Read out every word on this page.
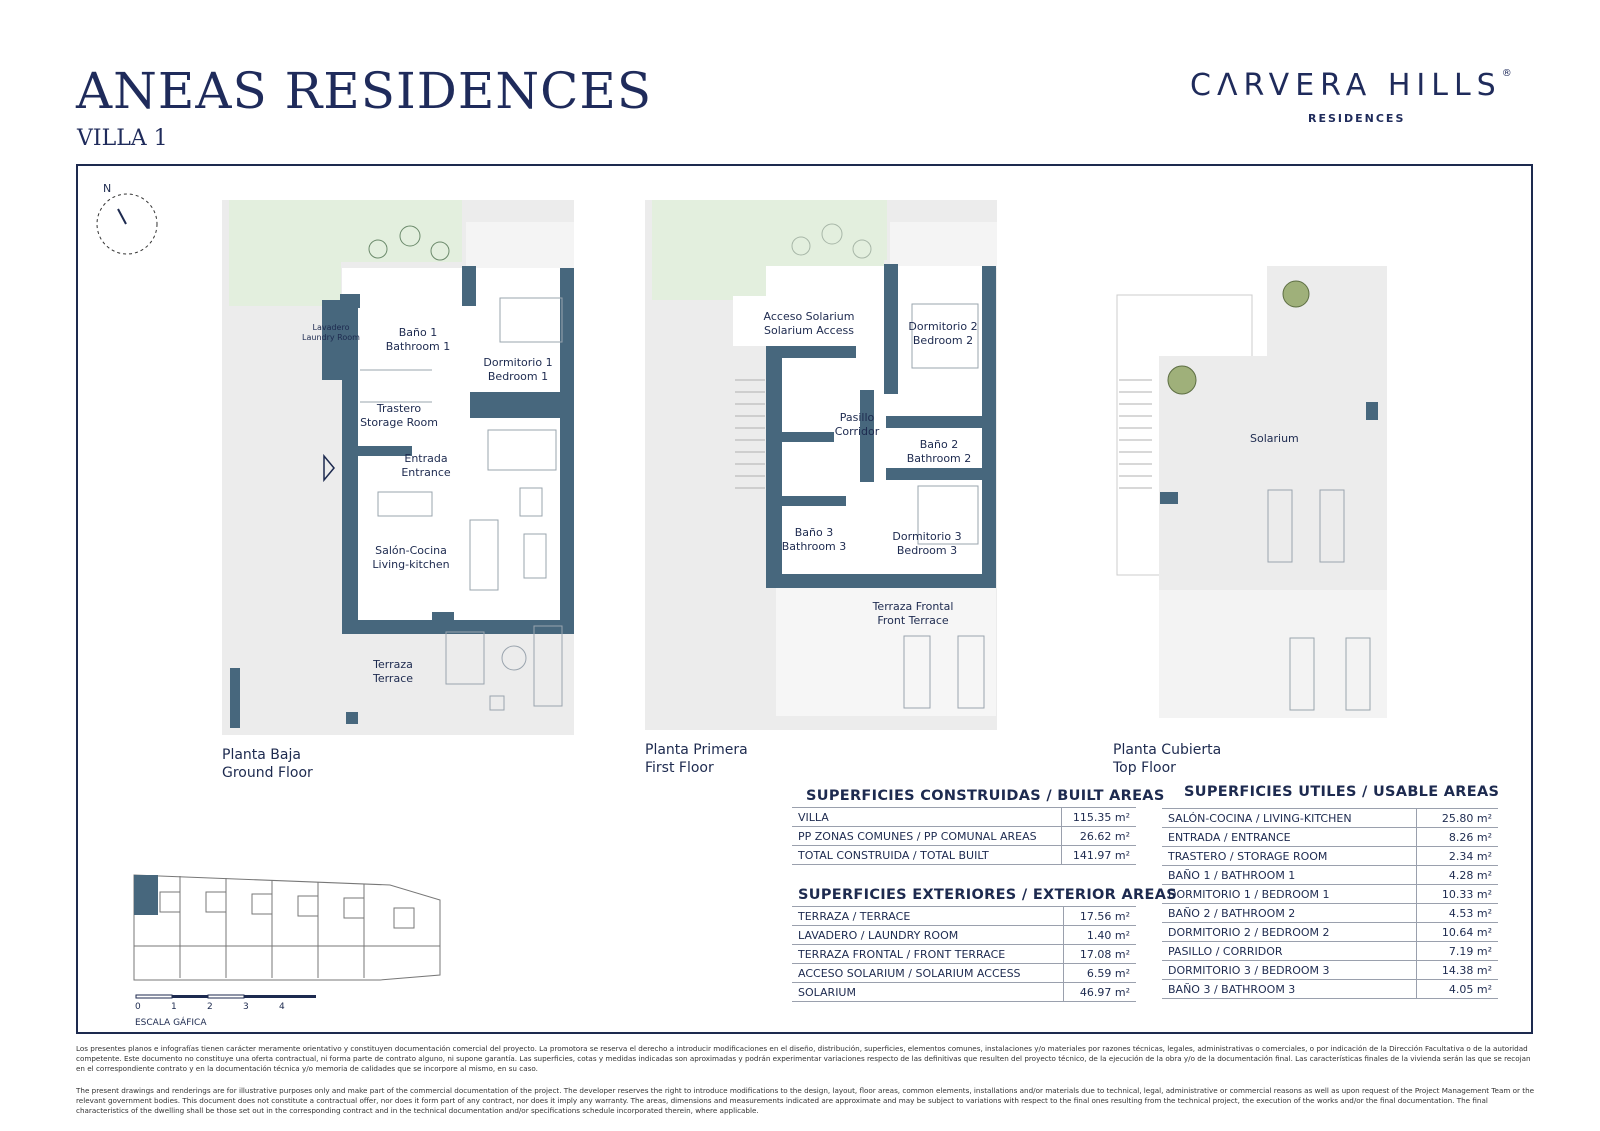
ANEAS RESIDENCES
VILLA 1
CΛRVERA HILLS®
RESIDENCES
Lavadero
Laundry Room	Baño 1
Bathroom 1
Dormitorio 1
Bedroom 1
Trastero
Storage Room
Entrada
Entrance
Salón-Cocina
Living-kitchen
Terraza
Terrace
Acceso Solarium
Solarium Access	Dormitorio 2
Bedroom 2
Pasillo
Corridor
Baño 2
Bathroom 2
Baño 3
Bathroom 3
Dormitorio 3
Bedroom 3
Terraza Frontal
Front Terrace
Solarium
N
Planta Baja
Ground Floor
Planta Primera
First Floor
Planta Cubierta
Top Floor
0	1	2	3	4
ESCALA GÁFICA
SUPERFICIES CONSTRUIDAS / BUILT AREAS
VILLA	115.35 m²
PP ZONAS COMUNES / PP COMUNAL AREAS	26.62 m²
TOTAL CONSTRUIDA / TOTAL BUILT	141.97 m²
SUPERFICIES EXTERIORES / EXTERIOR AREAS
TERRAZA / TERRACE	17.56 m²
LAVADERO / LAUNDRY ROOM	1.40 m²
TERRAZA FRONTAL / FRONT TERRACE	17.08 m²
ACCESO SOLARIUM / SOLARIUM ACCESS	6.59 m²
SOLARIUM	46.97 m²
SUPERFICIES UTILES / USABLE AREAS
SALÓN-COCINA / LIVING-KITCHEN	25.80 m²
ENTRADA / ENTRANCE	8.26 m²
TRASTERO / STORAGE ROOM	2.34 m²
BAÑO 1 / BATHROOM 1	4.28 m²
DORMITORIO 1 / BEDROOM 1	10.33 m²
BAÑO 2 / BATHROOM 2	4.53 m²
DORMITORIO 2 / BEDROOM 2	10.64 m²
PASILLO / CORRIDOR	7.19 m²
DORMITORIO 3 / BEDROOM 3	14.38 m²
BAÑO 3 / BATHROOM 3	4.05 m²
Los presentes planos e infografías tienen carácter meramente orientativo y constituyen documentación comercial del proyecto. La promotora se reserva el derecho a introducir modificaciones en el diseño, distribución, superficies, elementos comunes, instalaciones y/o materiales por razones técnicas, legales, administrativas o comerciales, o por indicación de la Dirección Facultativa o de la autoridad competente. Este documento no constituye una oferta contractual, ni forma parte de contrato alguno, ni supone garantía. Las superficies, cotas y medidas indicadas son aproximadas y podrán experimentar variaciones respecto de las definitivas que resulten del proyecto técnico, de la ejecución de la obra y/o de la documentación final. Las características finales de la vivienda serán las que se recojan en el correspondiente contrato y en la documentación técnica y/o memoria de calidades que se incorpore al mismo, en su caso.
The present drawings and renderings are for illustrative purposes only and make part of the commercial documentation of the project. The developer reserves the right to introduce modifications to the design, layout, floor areas, common elements, installations and/or materials due to technical, legal, administrative or commercial reasons as well as upon request of the Project Management Team or the relevant government bodies. This document does not constitute a contractual offer, nor does it form part of any contract, nor does it imply any warranty. The areas, dimensions and measurements indicated are approximate and may be subject to variations with respect to the final ones resulting from the technical project, the execution of the works and/or the final documentation. The final characteristics of the dwelling shall be those set out in the corresponding contract and in the technical documentation and/or specifications schedule incorporated therein, where applicable.
